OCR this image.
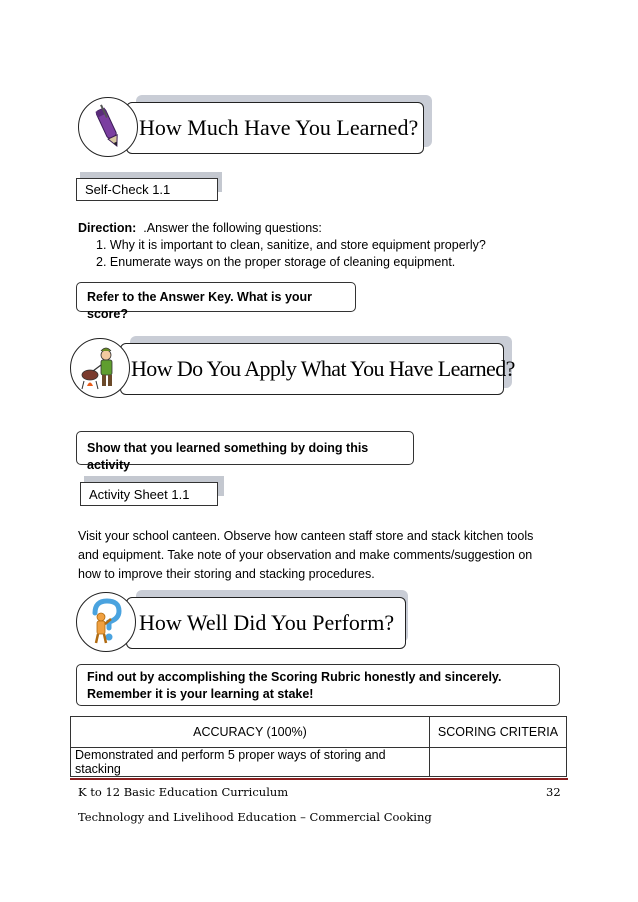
How Much Have You Learned?
Self-Check 1.1
Direction: .Answer the following questions:
1. Why it is important to clean, sanitize, and store equipment properly?
2. Enumerate ways on the proper storage of cleaning equipment.
Refer to the Answer Key. What is your score?
How Do You Apply What You Have Learned?
Show that you learned something by doing this activity
Activity Sheet 1.1
Visit your school canteen. Observe how canteen staff store and stack kitchen tools and equipment. Take note of your observation and make comments/suggestion on how to improve their storing and stacking procedures.
How Well Did You Perform?
Find out by accomplishing the Scoring Rubric honestly and sincerely.
Remember it is your learning at stake!
ACCURACY (100%)	SCORING CRITERIA
Demonstrated and perform 5 proper ways of storing and stacking	
K to 12 Basic Education Curriculum	32
Technology and Livelihood Education – Commercial Cooking
